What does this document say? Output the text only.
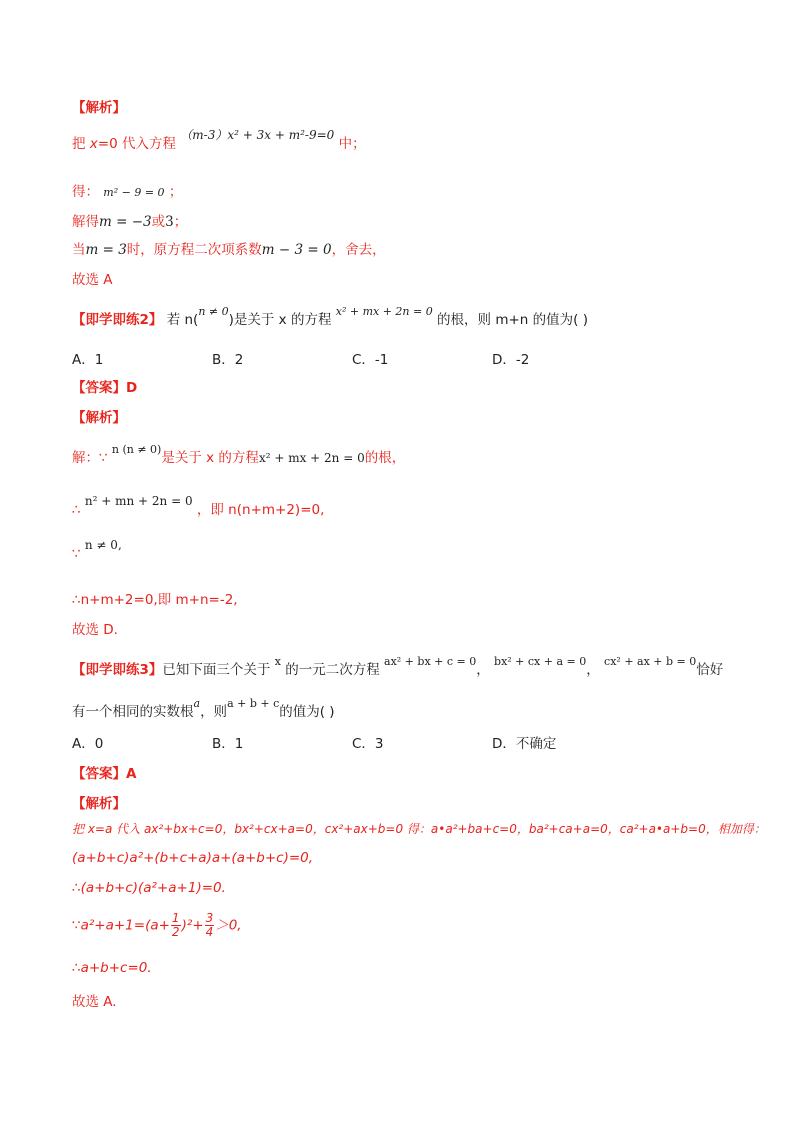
【解析】
把 x=0 代入方程 （m-3）x² + 3x + m²-9=0 中；
得： m² − 9 = 0 ；
解得m = −3或3；
当m = 3时，原方程二次项系数m − 3 = 0，舍去，
故选 A
【即学即练2】 若 n($^{n \ne 0}$)是关于 x 的方程 $^{x^2 + mx + 2n = 0}$ 的根，则 m+n 的值为( )
A．1	B．2	C．-1	D．-2
【答案】D
【解析】
解：∵ $^{n (n \ne 0)}$是关于 x 的方程x² + mx + 2n = 0的根，
∴ n² + mn + 2n = 0 ，即 n(n+m+2)=0,
∵ n ≠ 0,
∴n+m+2=0,即 m+n=-2,
故选 D.
【即学即练3】已知下面三个关于 $^x$ 的一元二次方程 $^{ax^2 + bx + c = 0}$， $^{bx^2 + cx + a = 0}$， $^{cx^2 + ax + b = 0}$恰好
有一个相同的实数根$^a$，则$^{a + b + c}$的值为( )
A．0	B．1	C．3	D．不确定
【答案】A
【解析】
把 x=a 代入 ax²+bx+c=0，bx²+cx+a=0，cx²+ax+b=0 得：a•a²+ba+c=0，ba²+ca+a=0，ca²+a•a+b=0，相加得：
(a+b+c)a²+(b+c+a)a+(a+b+c)=0,
∴(a+b+c)(a²+a+1)=0.
∵a²+a+1=(a+ $\frac{1}{2} )^2+ \frac{3}{4} >0$,
∴a+b+c=0.
故选 A.
